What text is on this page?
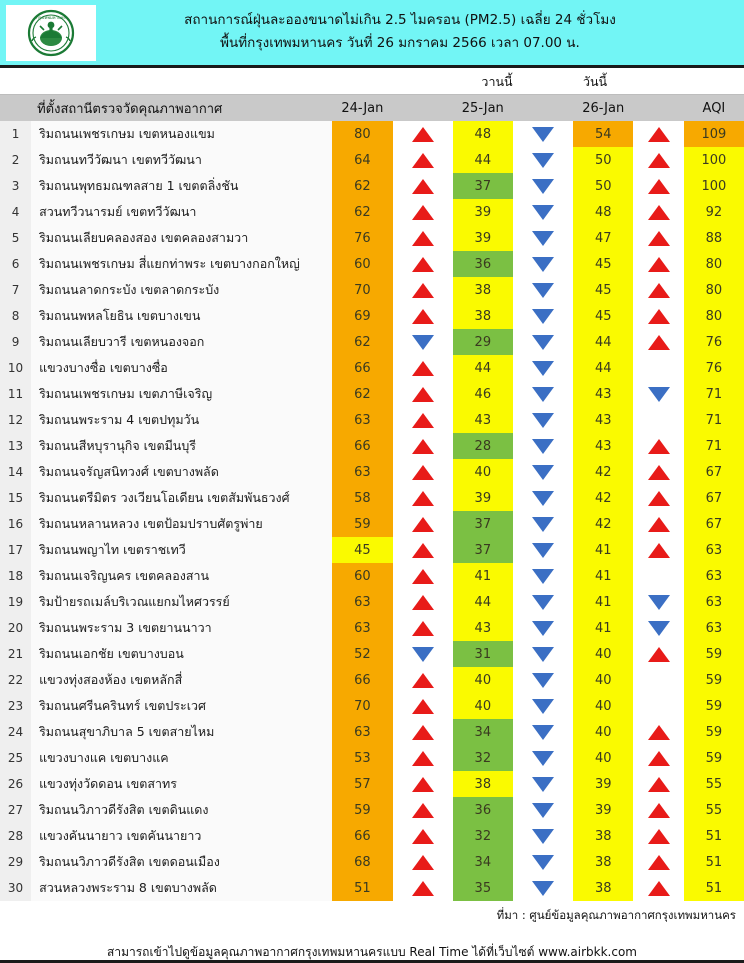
กรุงเทพมหานคร	สถานการณ์ฝุ่นละอองขนาดไม่เกิน 2.5 ไมครอน (PM2.5) เฉลี่ย 24 ชั่วโมง
พื้นที่กรุงเทพมหานคร วันที่ 26 มกราคม 2566 เวลา 07.00 น.
วานนี้	วันนี้
ที่ตั้งสถานีตรวจวัดคุณภาพอากาศ	24-Jan	25-Jan	26-Jan	AQI
1	ริมถนนเพชรเกษม เขตหนองแขม	80	48	54	109
2	ริมถนนทวีวัฒนา เขตทวีวัฒนา	64	44	50	100
3	ริมถนนพุทธมณฑลสาย 1 เขตตลิ่งชัน	62	37	50	100
4	สวนทวีวนารมย์ เขตทวีวัฒนา	62	39	48	92
5	ริมถนนเลียบคลองสอง เขตคลองสามวา	76	39	47	88
6	ริมถนนเพชรเกษม สี่แยกท่าพระ เขตบางกอกใหญ่	60	36	45	80
7	ริมถนนลาดกระบัง เขตลาดกระบัง	70	38	45	80
8	ริมถนนพหลโยธิน เขตบางเขน	69	38	45	80
9	ริมถนนเลียบวารี เขตหนองจอก	62	29	44	76
10	แขวงบางซื่อ เขตบางซื่อ	66	44	44	76
11	ริมถนนเพชรเกษม เขตภาษีเจริญ	62	46	43	71
12	ริมถนนพระราม 4 เขตปทุมวัน	63	43	43	71
13	ริมถนนสีหบุรานุกิจ เขตมีนบุรี	66	28	43	71
14	ริมถนนจรัญสนิทวงศ์ เขตบางพลัด	63	40	42	67
15	ริมถนนตรีมิตร วงเวียนโอเดียน เขตสัมพันธวงศ์	58	39	42	67
16	ริมถนนหลานหลวง เขตป้อมปราบศัตรูพ่าย	59	37	42	67
17	ริมถนนพญาไท เขตราชเทวี	45	37	41	63
18	ริมถนนเจริญนคร เขตคลองสาน	60	41	41	63
19	ริมป้ายรถเมล์บริเวณแยกมไหศวรรย์	63	44	41	63
20	ริมถนนพระราม 3 เขตยานนาวา	63	43	41	63
21	ริมถนนเอกชัย เขตบางบอน	52	31	40	59
22	แขวงทุ่งสองห้อง เขตหลักสี่	66	40	40	59
23	ริมถนนศรีนครินทร์ เขตประเวศ	70	40	40	59
24	ริมถนนสุขาภิบาล 5 เขตสายไหม	63	34	40	59
25	แขวงบางแค เขตบางแค	53	32	40	59
26	แขวงทุ่งวัดดอน เขตสาทร	57	38	39	55
27	ริมถนนวิภาวดีรังสิต เขตดินแดง	59	36	39	55
28	แขวงคันนายาว เขตคันนายาว	66	32	38	51
29	ริมถนนวิภาวดีรังสิต เขตดอนเมือง	68	34	38	51
30	สวนหลวงพระราม 8 เขตบางพลัด	51	35	38	51
ที่มา : ศูนย์ข้อมูลคุณภาพอากาศกรุงเทพมหานคร
สามารถเข้าไปดูข้อมูลคุณภาพอากาศกรุงเทพมหานครแบบ Real Time ได้ที่เว็บไซต์ www.airbkk.com
